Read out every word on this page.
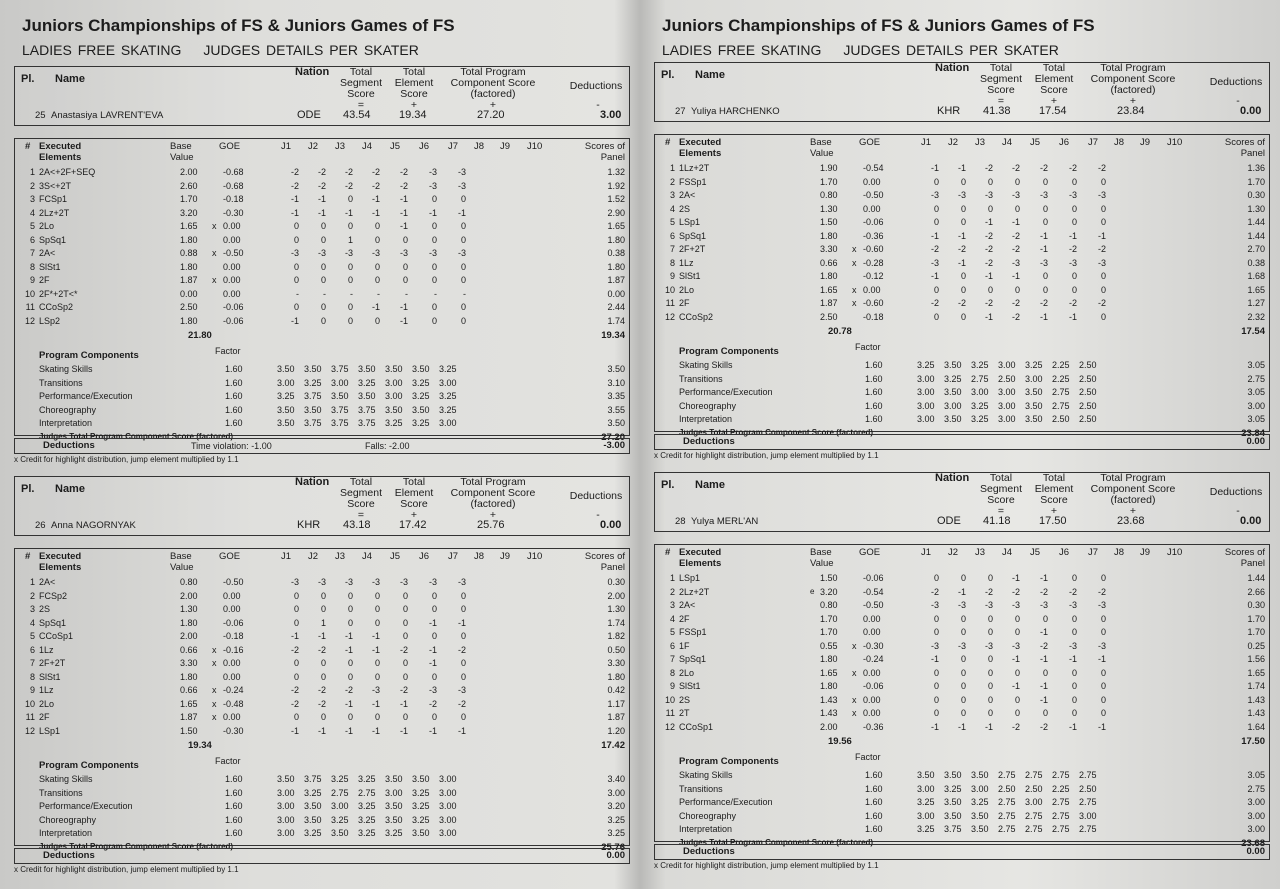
Juniors Championships of FS & Juniors Games of FS
LADIES FREE SKATING JUDGES DETAILS PER SKATER
Pl. Name
Nation	Total Segment Score
Total Element Score
Total Program Component Score (factored)
Deductions
=	+	+	-
25 Anastasiya LAVRENT'EVA	ODE 43.54	19.34	27.20	3.00
# Executed Elements
Base Value
GOE	J1 J2 J3 J4 J5 J6 J7 J8 J9 J10	Scores of Panel
1 2A<+2F+SEQ	2.00	-0.68	-2	-2	-2	-2	-2	-3	-3	1.32
2 3S<+2T	2.60	-0.68	-2	-2	-2	-2	-2	-3	-3	1.92
3 FCSp1	1.70	-0.18	-1	-1	0	-1	-1	0	0	1.52
4 2Lz+2T	3.20	-0.30	-1	-1	-1	-1	-1	-1	-1	2.90
5 2Lo	1.65 x 0.00	0	0	0	0	-1	0	0	1.65
6 SpSq1	1.80	0.00	0	0	1	0	0	0	0	1.80
7 2A<	0.88 x -0.50	-3	-3	-3	-3	-3	-3	-3	0.38
8 SlSt1	1.80	0.00	0	0	0	0	0	0	0	1.80
9 2F	1.87 x 0.00	0	0	0	0	0	0	0	1.87
10 2F*+2T<*	0.00	0.00	-	-	-	-	-	-	-	0.00
11 CCoSp2	2.50	-0.06	0	0	0	-1	-1	0	0	2.44
12 LSp2	1.80	-0.06	-1	0	0	0	-1	0	0	1.74
21.80	19.34
Program Components	Factor
Skating Skills	1.60	3.50 3.50 3.75 3.50 3.50 3.50 3.25	3.50
Transitions	1.60	3.00 3.25 3.00 3.25 3.00 3.25 3.00	3.10
Performance/Execution	1.60	3.25 3.75 3.50 3.50 3.00 3.25 3.25	3.35
Choreography	1.60	3.50 3.50 3.75 3.75 3.50 3.50 3.25	3.55
Interpretation	1.60	3.50 3.75 3.75 3.75 3.25 3.25 3.00	3.50
Judges Total Program Component Score (factored)	27.20
Deductions	Time violation: -1.00	Falls: -2.00	-3.00
x Credit for highlight distribution, jump element multiplied by 1.1
Pl. Name
Nation	Total Segment Score
Total Element Score
Total Program Component Score (factored)
Deductions
=	+	+	-
26 Anna NAGORNYAK	KHR 43.18	17.42	25.76	0.00
# Executed Elements
Base Value
GOE	J1 J2 J3 J4 J5 J6 J7 J8 J9 J10	Scores of Panel
1 2A<	0.80	-0.50	-3	-3	-3	-3	-3	-3	-3	0.30
2 FCSp2	2.00	0.00	0	0	0	0	0	0	0	2.00
3 2S	1.30	0.00	0	0	0	0	0	0	0	1.30
4 SpSq1	1.80	-0.06	0	1	0	0	0	-1	-1	1.74
5 CCoSp1	2.00	-0.18	-1	-1	-1	-1	0	0	0	1.82
6 1Lz	0.66 x -0.16	-2	-2	-1	-1	-2	-1	-2	0.50
7 2F+2T	3.30 x 0.00	0	0	0	0	0	-1	0	3.30
8 SlSt1	1.80	0.00	0	0	0	0	0	0	0	1.80
9 1Lz	0.66 x -0.24	-2	-2	-2	-3	-2	-3	-3	0.42
10 2Lo	1.65 x -0.48	-2	-2	-1	-1	-1	-2	-2	1.17
11 2F	1.87 x 0.00	0	0	0	0	0	0	0	1.87
12 LSp1	1.50	-0.30	-1	-1	-1	-1	-1	-1	-1	1.20
19.34	17.42
Program Components	Factor
Skating Skills	1.60	3.50 3.75 3.25 3.25 3.50 3.50 3.00	3.40
Transitions	1.60	3.00 3.25 2.75 2.75 3.00 3.25 3.00	3.00
Performance/Execution	1.60	3.00 3.50 3.00 3.25 3.50 3.25 3.00	3.20
Choreography	1.60	3.00 3.50 3.25 3.25 3.50 3.25 3.00	3.25
Interpretation	1.60	3.00 3.25 3.50 3.25 3.25 3.50 3.00	3.25
Judges Total Program Component Score (factored)	25.76
Deductions	0.00
x Credit for highlight distribution, jump element multiplied by 1.1
Juniors Championships of FS & Juniors Games of FS
LADIES FREE SKATING JUDGES DETAILS PER SKATER
Pl. Name
Nation	Total Segment Score
Total Element Score
Total Program Component Score (factored)
Deductions
=	+	+	-
27 Yuliya HARCHENKO	KHR 41.38	17.54	23.84	0.00
# Executed Elements
Base Value
GOE	J1 J2 J3 J4 J5 J6 J7 J8 J9 J10	Scores of Panel
1 1Lz+2T	1.90	-0.54	-1	-1	-2	-2	-2	-2	-2	1.36
2 FSSp1	1.70	0.00	0	0	0	0	0	0	0	1.70
3 2A<	0.80	-0.50	-3	-3	-3	-3	-3	-3	-3	0.30
4 2S	1.30	0.00	0	0	0	0	0	0	0	1.30
5 LSp1	1.50	-0.06	0	0	-1	-1	0	0	0	1.44
6 SpSq1	1.80	-0.36	-1	-1	-2	-2	-1	-1	-1	1.44
7 2F+2T	3.30 x -0.60	-2	-2	-2	-2	-1	-2	-2	2.70
8 1Lz	0.66 x -0.28	-3	-1	-2	-3	-3	-3	-3	0.38
9 SlSt1	1.80	-0.12	-1	0	-1	-1	0	0	0	1.68
10 2Lo	1.65 x 0.00	0	0	0	0	0	0	0	1.65
11 2F	1.87 x -0.60	-2	-2	-2	-2	-2	-2	-2	1.27
12 CCoSp2	2.50	-0.18	0	0	-1	-2	-1	-1	0	2.32
20.78	17.54
Program Components	Factor
Skating Skills	1.60	3.25 3.50 3.25 3.00 3.25 2.25 2.50	3.05
Transitions	1.60	3.00 3.25 2.75 2.50 3.00 2.25 2.50	2.75
Performance/Execution	1.60	3.00 3.50 3.00 3.00 3.50 2.75 2.50	3.05
Choreography	1.60	3.00 3.00 3.25 3.00 3.50 2.75 2.50	3.00
Interpretation	1.60	3.00 3.50 3.25 3.00 3.50 2.50 2.50	3.05
Judges Total Program Component Score (factored)	23.84
Deductions	0.00
x Credit for highlight distribution, jump element multiplied by 1.1
Pl. Name
Nation	Total Segment Score
Total Element Score
Total Program Component Score (factored)
Deductions
=	+	+	-
28 Yulya MERL'AN	ODE 41.18	17.50	23.68	0.00
# Executed Elements
Base Value
GOE	J1 J2 J3 J4 J5 J6 J7 J8 J9 J10	Scores of Panel
1 LSp1	1.50	-0.06	0	0	0	-1	-1	0	0	1.44
2 2Lz+2T	e 3.20	-0.54	-2	-1	-2	-2	-2	-2	-2	2.66
3 2A<	0.80	-0.50	-3	-3	-3	-3	-3	-3	-3	0.30
4 2F	1.70	0.00	0	0	0	0	0	0	0	1.70
5 FSSp1	1.70	0.00	0	0	0	0	-1	0	0	1.70
6 1F	0.55 x -0.30	-3	-3	-3	-3	-2	-3	-3	0.25
7 SpSq1	1.80	-0.24	-1	0	0	-1	-1	-1	-1	1.56
8 2Lo	1.65 x 0.00	0	0	0	0	0	0	0	1.65
9 SlSt1	1.80	-0.06	0	0	0	-1	-1	0	0	1.74
10 2S	1.43 x 0.00	0	0	0	0	-1	0	0	1.43
11 2T	1.43 x 0.00	0	0	0	0	0	0	0	1.43
12 CCoSp1	2.00	-0.36	-1	-1	-1	-2	-2	-1	-1	1.64
19.56	17.50
Program Components	Factor
Skating Skills	1.60	3.50 3.50 3.50 2.75 2.75 2.75 2.75	3.05
Transitions	1.60	3.00 3.25 3.00 2.50 2.50 2.25 2.50	2.75
Performance/Execution	1.60	3.25 3.50 3.25 2.75 3.00 2.75 2.75	3.00
Choreography	1.60	3.00 3.50 3.50 2.75 2.75 2.75 3.00	3.00
Interpretation	1.60	3.25 3.75 3.50 2.75 2.75 2.75 2.75	3.00
Judges Total Program Component Score (factored)	23.68
Deductions	0.00
x Credit for highlight distribution, jump element multiplied by 1.1
